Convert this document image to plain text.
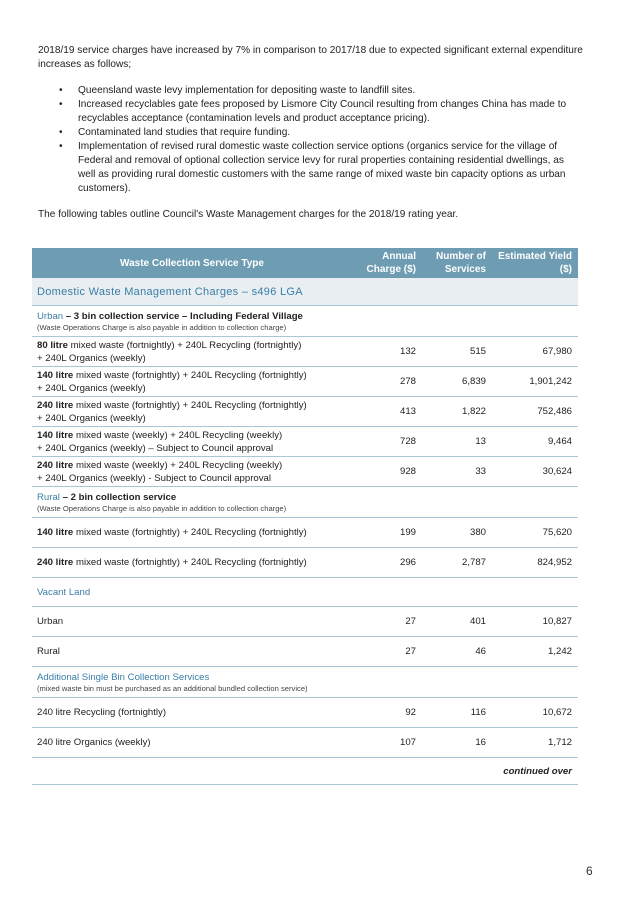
2018/19 service charges have increased by 7% in comparison to 2017/18 due to expected significant external expenditure increases as follows;

• Queensland waste levy implementation for depositing waste to landfill sites.
• Increased recyclables gate fees proposed by Lismore City Council resulting from changes China has made to recyclables acceptance (contamination levels and product acceptance pricing).
• Contaminated land studies that require funding.
• Implementation of revised rural domestic waste collection service options (organics service for the village of Federal and removal of optional collection service levy for rural properties containing residential dwellings, as well as providing rural domestic customers with the same range of mixed waste bin capacity options as urban customers).

The following tables outline Council's Waste Management charges for the 2018/19 rating year.

Waste Collection Service Type	Annual Charge ($)	Number of Services	Estimated Yield ($)
Domestic Waste Management Charges – s496 LGA			

Urban – 3 bin collection service – Including Federal Village
(Waste Operations Charge is also payable in addition to collection charge)			

80 litre mixed waste (fortnightly) + 240L Recycling (fortnightly)
+ 240L Organics (weekly)	132	515	67,980
140 litre mixed waste (fortnightly) + 240L Recycling (fortnightly)
+ 240L Organics (weekly)	278	6,839	1,901,242
240 litre mixed waste (fortnightly) + 240L Recycling (fortnightly)
+ 240L Organics (weekly)	413	1,822	752,486
140 litre mixed waste (weekly) + 240L Recycling (weekly)
+ 240L Organics (weekly) – Subject to Council approval	728	13	9,464
240 litre mixed waste (weekly) + 240L Recycling (weekly)
+ 240L Organics (weekly) - Subject to Council approval	928	33	30,624

Rural – 2 bin collection service
(Waste Operations Charge is also payable in addition to collection charge)			

140 litre mixed waste (fortnightly) + 240L Recycling (fortnightly)	199	380	75,620
240 litre mixed waste (fortnightly) + 240L Recycling (fortnightly)	296	2,787	824,952
Vacant Land			
Urban	27	401	10,827
Rural	27	46	1,242

Additional Single Bin Collection Services
(mixed waste bin must be purchased as an additional bundled collection service)			

240 litre Recycling (fortnightly)	92	116	10,672
240 litre Organics (weekly)	107	16	1,712
continued over			
6
